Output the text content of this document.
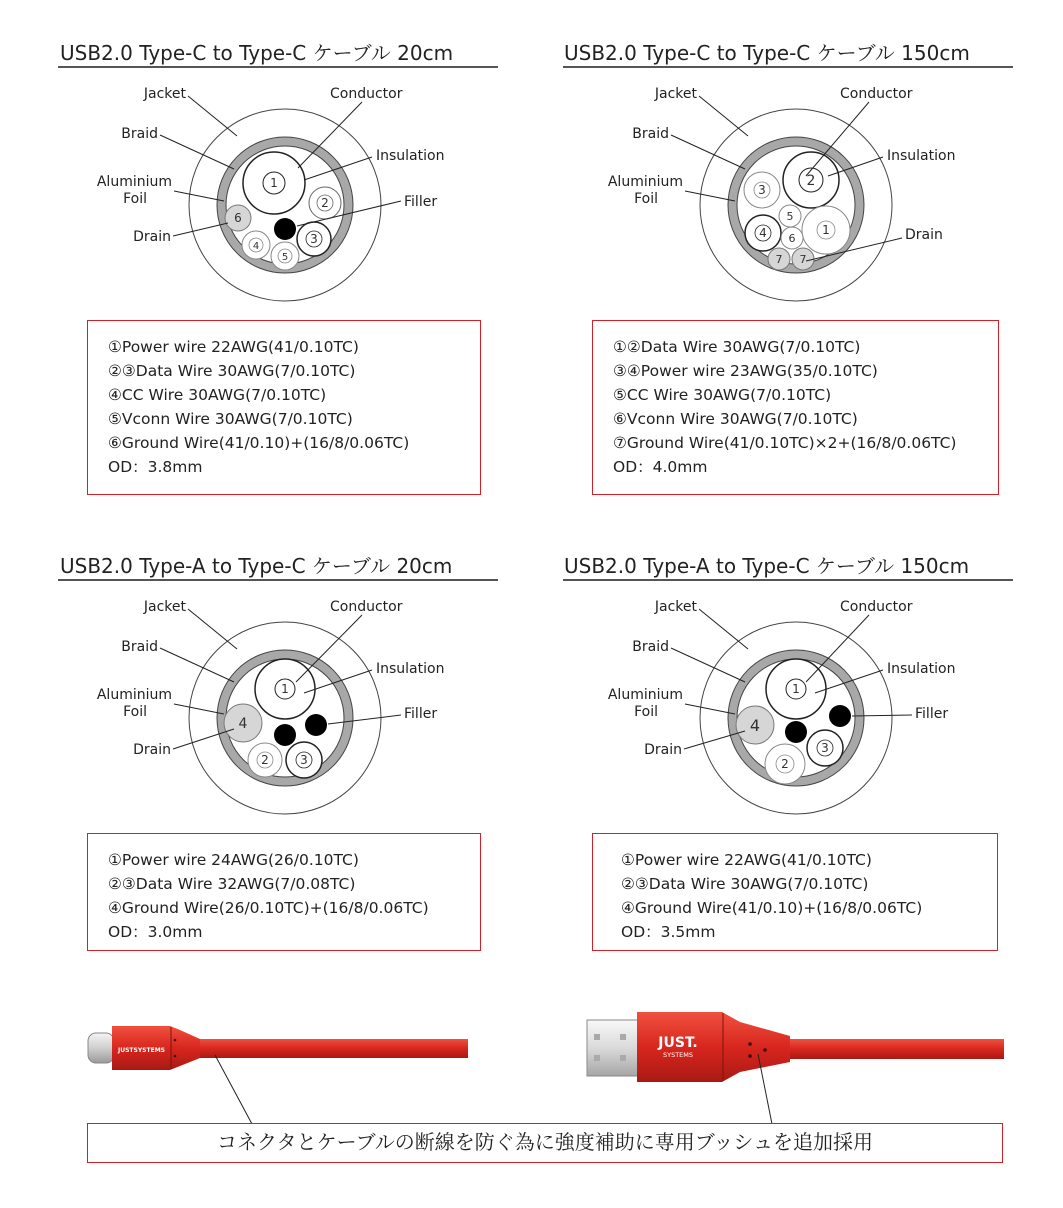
USB2.0 Type-C to Type-C ケーブル 20cm
1
2
3
4
5
6
Jacket	Conductor
Braid
Insulation
Aluminium
Foil	Filler
Drain
①Power wire 22AWG(41/0.10TC)
②③Data Wire 30AWG(7/0.10TC)
④CC Wire 30AWG(7/0.10TC)
⑤Vconn Wire 30AWG(7/0.10TC)
⑥Ground Wire(41/0.10)+(16/8/0.06TC)
OD：3.8mm
USB2.0 Type-C to Type-C ケーブル 150cm
2
3
4	1
5
6
7 7
Jacket	Conductor
Braid
Insulation
Aluminium
Foil
Drain
①②Data Wire 30AWG(7/0.10TC)
③④Power wire 23AWG(35/0.10TC)
⑤CC Wire 30AWG(7/0.10TC)
⑥Vconn Wire 30AWG(7/0.10TC)
⑦Ground Wire(41/0.10TC)×2+(16/8/0.06TC)
OD：4.0mm
USB2.0 Type-A to Type-C ケーブル 20cm
1
4
2	3
Jacket	Conductor
Braid
Insulation
Aluminium
Foil	Filler
Drain
①Power wire 24AWG(26/0.10TC)
②③Data Wire 32AWG(7/0.08TC)
④Ground Wire(26/0.10TC)+(16/8/0.06TC)
OD：3.0mm
USB2.0 Type-A to Type-C ケーブル 150cm
1
4
2
3
Jacket	Conductor
Braid
Insulation
Aluminium
Foil	Filler
Drain
①Power wire 22AWG(41/0.10TC)
②③Data Wire 30AWG(7/0.10TC)
④Ground Wire(41/0.10)+(16/8/0.06TC)
OD：3.5mm
JUSTSYSTEMS	JUST.
SYSTEMS
コネクタとケーブルの断線を防ぐ為に強度補助に専用ブッシュを追加採用
